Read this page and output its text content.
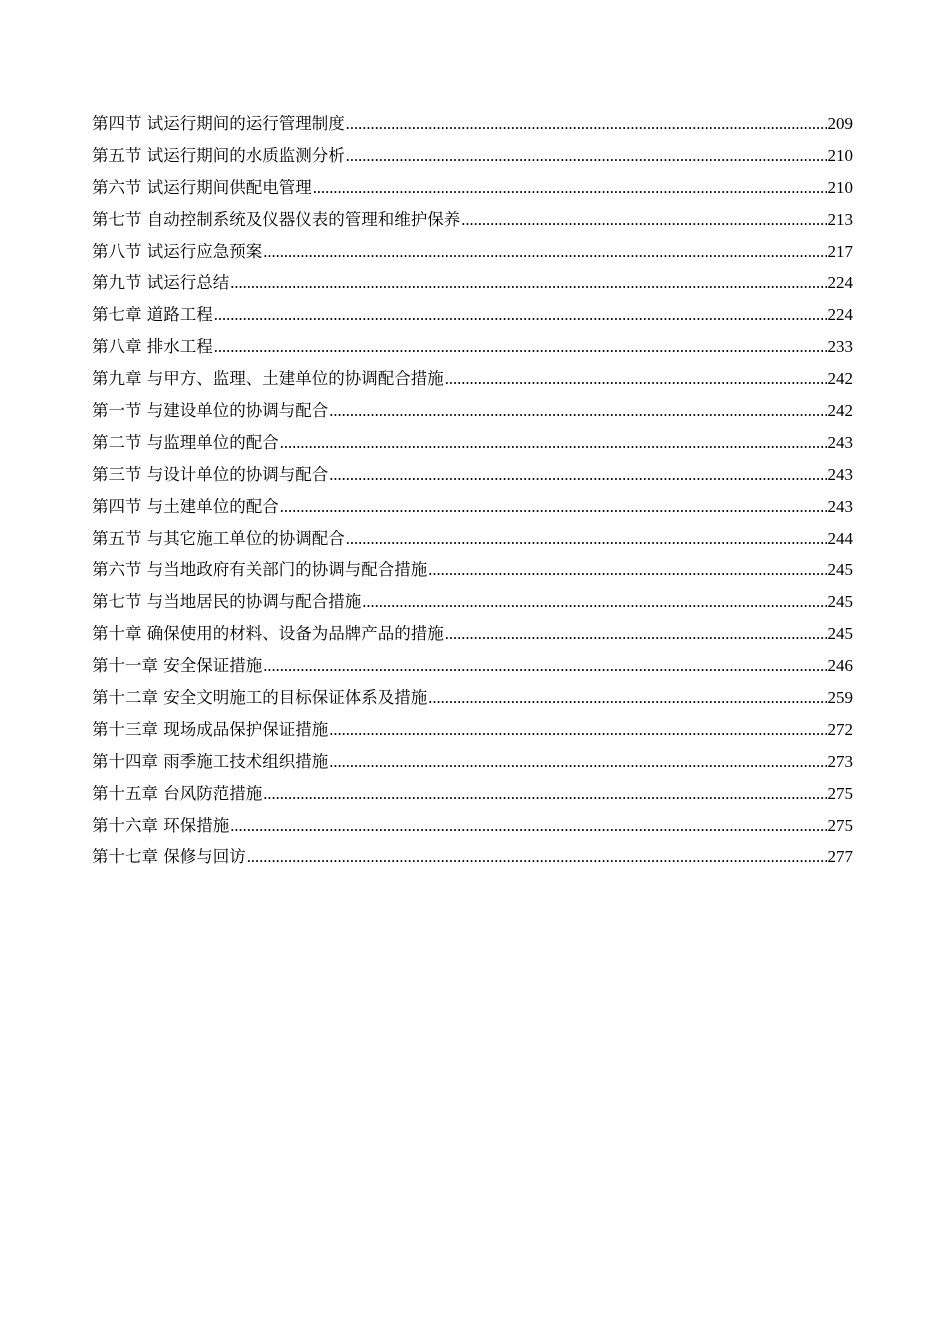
第四节 试运行期间的运行管理制度 .....	209
第五节 试运行期间的水质监测分析 .....	210
第六节 试运行期间供配电管理 .....	210
第七节 自动控制系统及仪器仪表的管理和维护保养 .....	213
第八节 试运行应急预案 .....	217
第九节 试运行总结 .....	224
第七章 道路工程 .....	224
第八章 排水工程 .....	233
第九章 与甲方、监理、土建单位的协调配合措施 .....	242
第一节 与建设单位的协调与配合 .....	242
第二节 与监理单位的配合 .....	243
第三节 与设计单位的协调与配合 .....	243
第四节 与土建单位的配合 .....	243
第五节 与其它施工单位的协调配合 .....	244
第六节 与当地政府有关部门的协调与配合措施 .....	245
第七节 与当地居民的协调与配合措施 .....	245
第十章 确保使用的材料、设备为品牌产品的措施 .....	245
第十一章 安全保证措施 .....	246
第十二章 安全文明施工的目标保证体系及措施 .....	259
第十三章 现场成品保护保证措施 .....	272
第十四章 雨季施工技术组织措施 .....	273
第十五章 台风防范措施 .....	275
第十六章 环保措施 .....	275
第十七章 保修与回访 .....	277
